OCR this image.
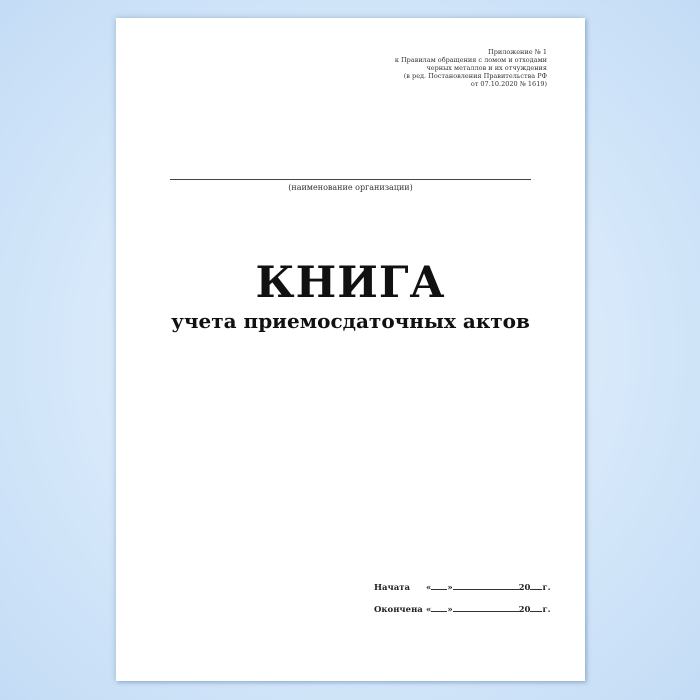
Приложение № 1
к Правилам обращения с ломом и отходами
черных металлов и их отчуждения
(в ред. Постановления Правительства РФ
от 07.10.2020 № 1619)
(наименование организации)
КНИГА
учета приемосдаточных актов
Начата « »	20 г.
Окончена « »	20 г.
